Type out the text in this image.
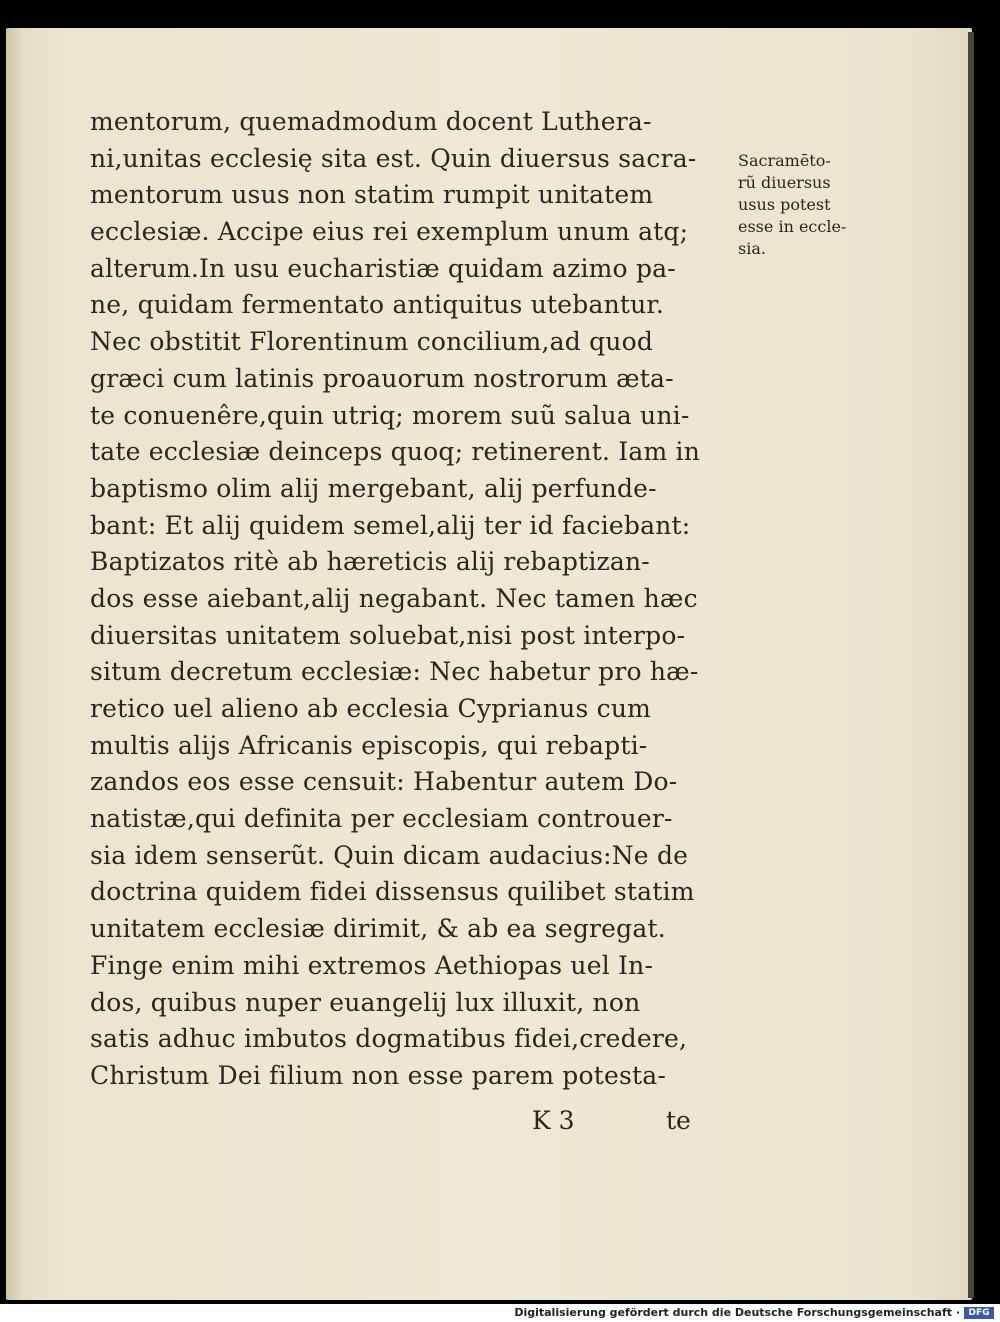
mentorum, quemadmodum docent Luthera-
ni,unitas ecclesię sita est. Quin diuersus sacra-
mentorum usus non statim rumpit unitatem
ecclesiæ. Accipe eius rei exemplum unum atq;
alterum.In usu eucharistiæ quidam azimo pa-
ne, quidam fermentato antiquitus utebantur.
Nec obstitit Florentinum concilium,ad quod
græci cum latinis proauorum nostrorum æta-
te conuenêre,quin utriq; morem suũ salua uni-
tate ecclesiæ deinceps quoq; retinerent. Iam in
baptismo olim alij mergebant, alij perfunde-
bant: Et alij quidem semel,alij ter id faciebant:
Baptizatos ritè ab hæreticis alij rebaptizan-
dos esse aiebant,alij negabant. Nec tamen hæc
diuersitas unitatem soluebat,nisi post interpo-
situm decretum ecclesiæ: Nec habetur pro hæ-
retico uel alieno ab ecclesia Cyprianus cum
multis alijs Africanis episcopis, qui rebapti-
zandos eos esse censuit: Habentur autem Do-
natistæ,qui definita per ecclesiam controuer-
sia idem senserũt. Quin dicam audacius:Ne de
doctrina quidem fidei dissensus quilibet statim
unitatem ecclesiæ dirimit, & ab ea segregat.
Finge enim mihi extremos Aethiopas uel In-
dos, quibus nuper euangelij lux illuxit, non
satis adhuc imbutos dogmatibus fidei,credere,
Christum Dei filium non esse parem potesta-
Sacramēto-
rũ diuersus
usus potest
esse in eccle-
sia.
K 3	te
Digitalisierung gefördert durch die Deutsche Forschungsgemeinschaft · DFG
